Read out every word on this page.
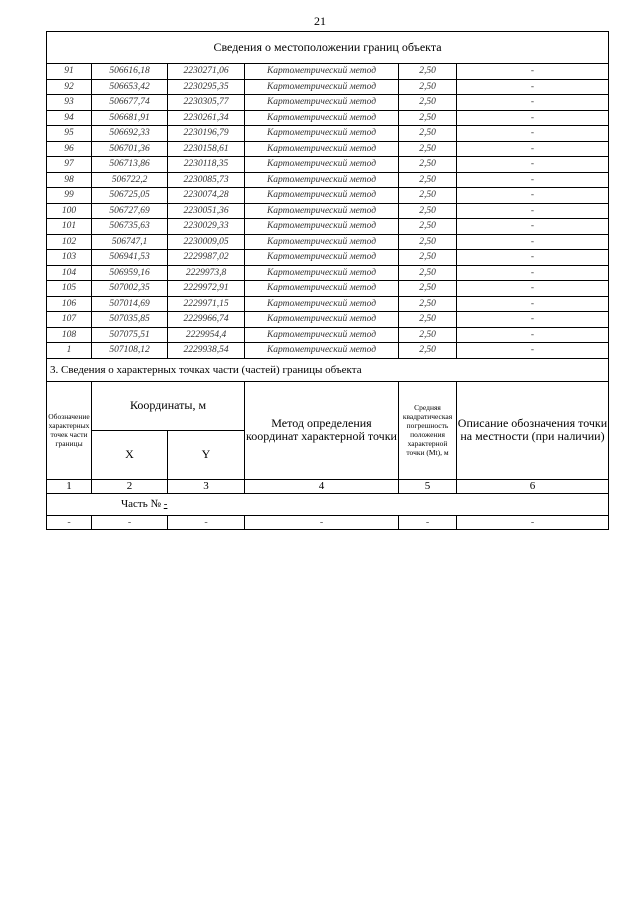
21
Сведения о местоположении границ объекта					
91	506616,18	2230271,06	Картометрический метод	2,50	-
92	506653,42	2230295,35	Картометрический метод	2,50	-
93	506677,74	2230305,77	Картометрический метод	2,50	-
94	506681,91	2230261,34	Картометрический метод	2,50	-
95	506692,33	2230196,79	Картометрический метод	2,50	-
96	506701,36	2230158,61	Картометрический метод	2,50	-
97	506713,86	2230118,35	Картометрический метод	2,50	-
98	506722,2	2230085,73	Картометрический метод	2,50	-
99	506725,05	2230074,28	Картометрический метод	2,50	-
100	506727,69	2230051,36	Картометрический метод	2,50	-
101	506735,63	2230029,33	Картометрический метод	2,50	-
102	506747,1	2230009,05	Картометрический метод	2,50	-
103	506941,53	2229987,02	Картометрический метод	2,50	-
104	506959,16	2229973,8	Картометрический метод	2,50	-
105	507002,35	2229972,91	Картометрический метод	2,50	-
106	507014,69	2229971,15	Картометрический метод	2,50	-
107	507035,85	2229966,74	Картометрический метод	2,50	-
108	507075,51	2229954,4	Картометрический метод	2,50	-
1	507108,12	2229938,54	Картометрический метод	2,50	-
3. Сведения о характерных точках части (частей) границы объекта					
Обозначение характерных точек части границы	Координаты, м		Метод определения координат характерной точки	Средняя квадратическая погрешность положения характерной точки (Mt), м	Описание обозначения точки на местности (при наличии)
	X	Y			
1	2	3	4	5	6
Часть № -					
-	-	-	-	-	-
